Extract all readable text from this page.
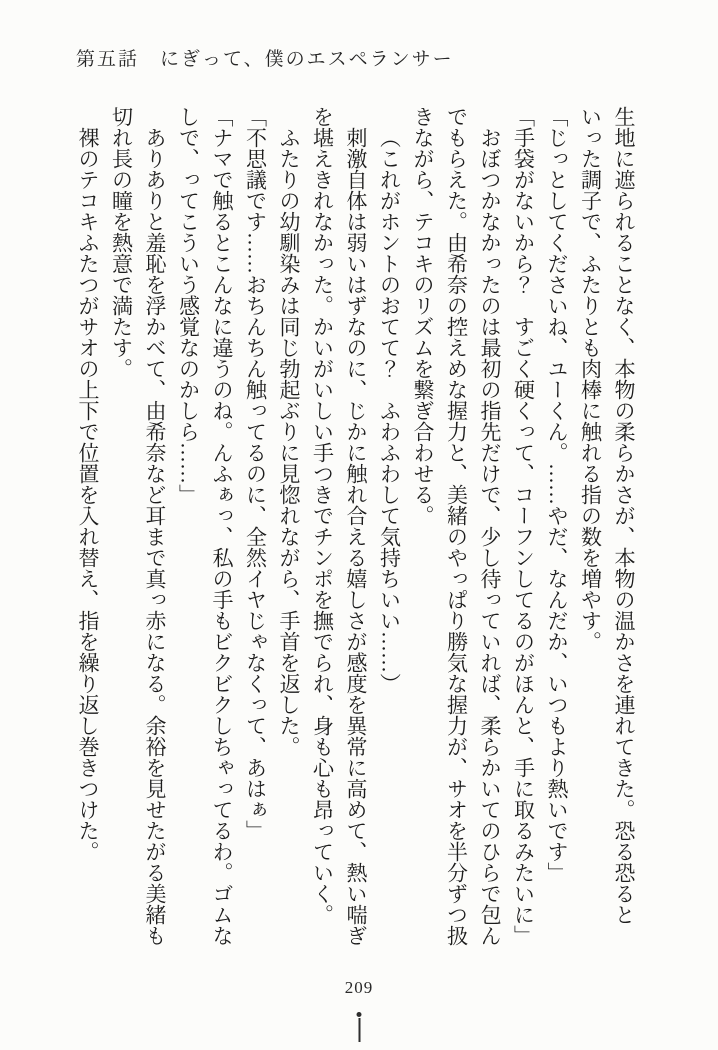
第五話　にぎって、僕のエスペランサー

生地に遮られることなく、本物の柔らかさが、本物の温かさを連れてきた。恐る恐ると

いった調子で、ふたりとも肉棒に触れる指の数を増やす。

「じっとしてくださいね、ユーくん。……やだ、なんだか、いつもより熱いです」

「手袋がないから？　すごく硬くって、コーフンしてるのがほんと、手に取るみたいに」

おぼつかなかったのは最初の指先だけで、少し待っていれば、柔らかいてのひらで包ん

でもらえた。由希奈の控えめな握力と、美緒のやっぱり勝気な握力が、サオを半分ずつ扱

きながら、テコキのリズムを繋ぎ合わせる。

（これがホントのおてて？　ふわふわして気持ちいい……）

刺激自体は弱いはずなのに、じかに触れ合える嬉しさが感度を異常に高めて、熱い喘ぎ

を堪えきれなかった。かいがいしい手つきでチンポを撫でられ、身も心も昂っていく。

ふたりの幼馴染みは同じ勃起ぶりに見惚れながら、手首を返した。

「不思議です……おちんちん触ってるのに、全然イヤじゃなくって、あはぁ」

「ナマで触るとこんなに違うのね。んふぁっ、私の手もビクビクしちゃってるわ。ゴムな

しで、ってこういう感覚なのかしら……」

ありありと羞恥を浮かべて、由希奈など耳まで真っ赤になる。余裕を見せたがる美緒も

切れ長の瞳を熱意で満たす。

裸のテコキふたつがサオの上下で位置を入れ替え、指を繰り返し巻きつけた。

209
